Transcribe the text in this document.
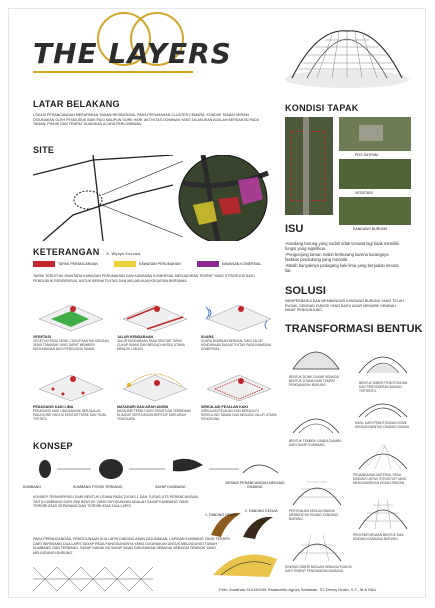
THE LAYERS
LATAR BELAKANG
LOKASI PERANCANGAN MERUPAKAN TAMAN RESIDENSIAL PADA PERUMAHAN CLUSTER CEMARA. KONDISI TAMAN SERING DIGUNAKAN OLEH PENDUDUK BAIK PAGI MAUPUN SORE HARI. AKTIVITAS DOMINAN YANG DILAKUKAN ADALAH BERSANTAI PADA TAMAN, PIKNIK DAN TEMPAT DUADIKAN ACARA PERLOMBAAN.
SITE
KETERANGAN A. Wijaya Kusuma
TAPAK PERANCANGAN	KAWASAN PERUMAHAN	KAWASAN KOMERSIAL
TAPAK TERLETAK DIANTARA KAWASAN PERUMAHAN DAN KAWASAN KOMERSIAL MENJADIKAN TEMPAT YANG STRATEGIS BAGI PENDUDUK RESIDENSIAL UNTUK BERAKTIVITAS DAN MELAKUKAN KEGIATAN BERSAMA.
VEGETASI
VEGETASI PADA TAPAK CUKUP BANYAK DENGAN JENIS TANAMAN YANG DAPAT MEMBERI KENYAMANAN BAGI PENGGUNA TAMAN.
JALUR KENDARAAN
JALUR KENDARAAN PADA SEKITAR TAPAK CUKUP RAMAI DAN MENJADI AKSES UTAMA MENUJU LOKASI.
SUARA
SUARA DOMINAN BERASAL DARI JALUR KENDARAAN DAN AKTIVITAS PADA KAWASAN KOMERSIAL.
PEDAGANG KAKI LIMA
PEDAGANG KAKI LIMA BANYAK BERJUALAN PADA SORE HARI DI SEKITAR TAPAK DAN TIDAK TERTATA.
MATAHARI DAN ARAH ANGIN
MATAHARI TERBIT DARI TIMUR DAN TERBENAM DI BARAT SERTA ANGIN BERTIUP DARI ARAH TENGGARA.
SIRKULASI PEJALAN KAKI
SIRKULASI PEJALAN KAKI BERADA DI SEKELILING TAMAN DAN MENJADI JALUR UTAMA PENGGUNA.
KONSEP
KUMBANG	KUMBANG POSISI TERBANG	SAYAP KUMBANG
DESAIN PERANCANGAN MENJADI DINDING
KONSEP TERINSPIRASI DARI BENTUK UTAMA PADA TUGAS 1 DAN TUGAS UTS PERANCANGAN, YAITU KUMBANG DARI SINI BENTUK YANG DIFOKUSKAN ADALAH SAYAP KUMBANG YANG TERDIRI ATAS SEPASANG DAN TERDIRI ATAS DUA LAPIS.
1. DINDING UTAMA
2. DINDING KEDUA
PADA PERANCANGAN, PENGGUNAAN DUA LAPIS DINDING AKAN DIGUNAKAN. LAPISAN KUMBANG YANG TERDIRI DARI SEPASANG DUA LAPIS SAYAP PADA PUNGGUNGNYA YANG DIGUNAKAN UNTUK MELINDUNGI TUBUH KUMBANG DAN TERBANG. SAYAP KAKAK INI SAYAP AKAN DIGUNAKAN SEBAGAI SEBAGAI TEMBOK YANG MELINDUNGI BURUNG.
KONDISI TAPAK
POS SATPAM
VEGETASI
KANDANG BURUNG
ISU
-Kandang burung yang sudah tidak terawat lagi tidak memiliki fungsi yang signifikan.
-Pengunjung taman makin berkurang karena kurangnya fasilitas pendukung yang menarik.
-Masih banyaknya pedagang kaki lima yang berjualan secara liar.
SOLUSI
MEMPERBARUI DAN MEMBANGUN KANDANG BURUNG YANG TELAH RUSAK, DENGAN FUNGSI YANG BARU AGAR MENARIK KEMBALI MINAT PENGUNJUNG.
TRANSFORMASI BENTUK
BENTUK DOME DASAR SEBAGAI BENTUK UTAMA DARI TEMPAT PENGAMATAN BURUNG.	BENTUK DIBERI PEMOTONGAN DAN PERGESERAN BAGIAN TERTENTU.
HASIL DARI PEMOTONGAN DOME DENGAN BENTUK DINDING GANDA.
BENTUK TEMBOK GANDA DIAMBIL DARI SAYAP KUMBANG.
PENAMBAHAN MATERIAL PADA DINDING UNTUK STRUKTUR YANG MENGHADIRKAN KESAN RINGAN.
PERTEMUAN KEDUA DINDING MEMBENTUK RUANG KANDANG BURUNG.
PENYEMPURNAAN BENTUK DAN DINDING KANDANG BURUNG.
DINDING DIBERI BUKAAN SEBAGAI FUNGSI DARI TEMPAT PENGAMATAN BURUNG.
Felix Jonathan-315190155-Parametric-Agnes Setiawan, ST-Denny Husin, S.T., M.A H&U
